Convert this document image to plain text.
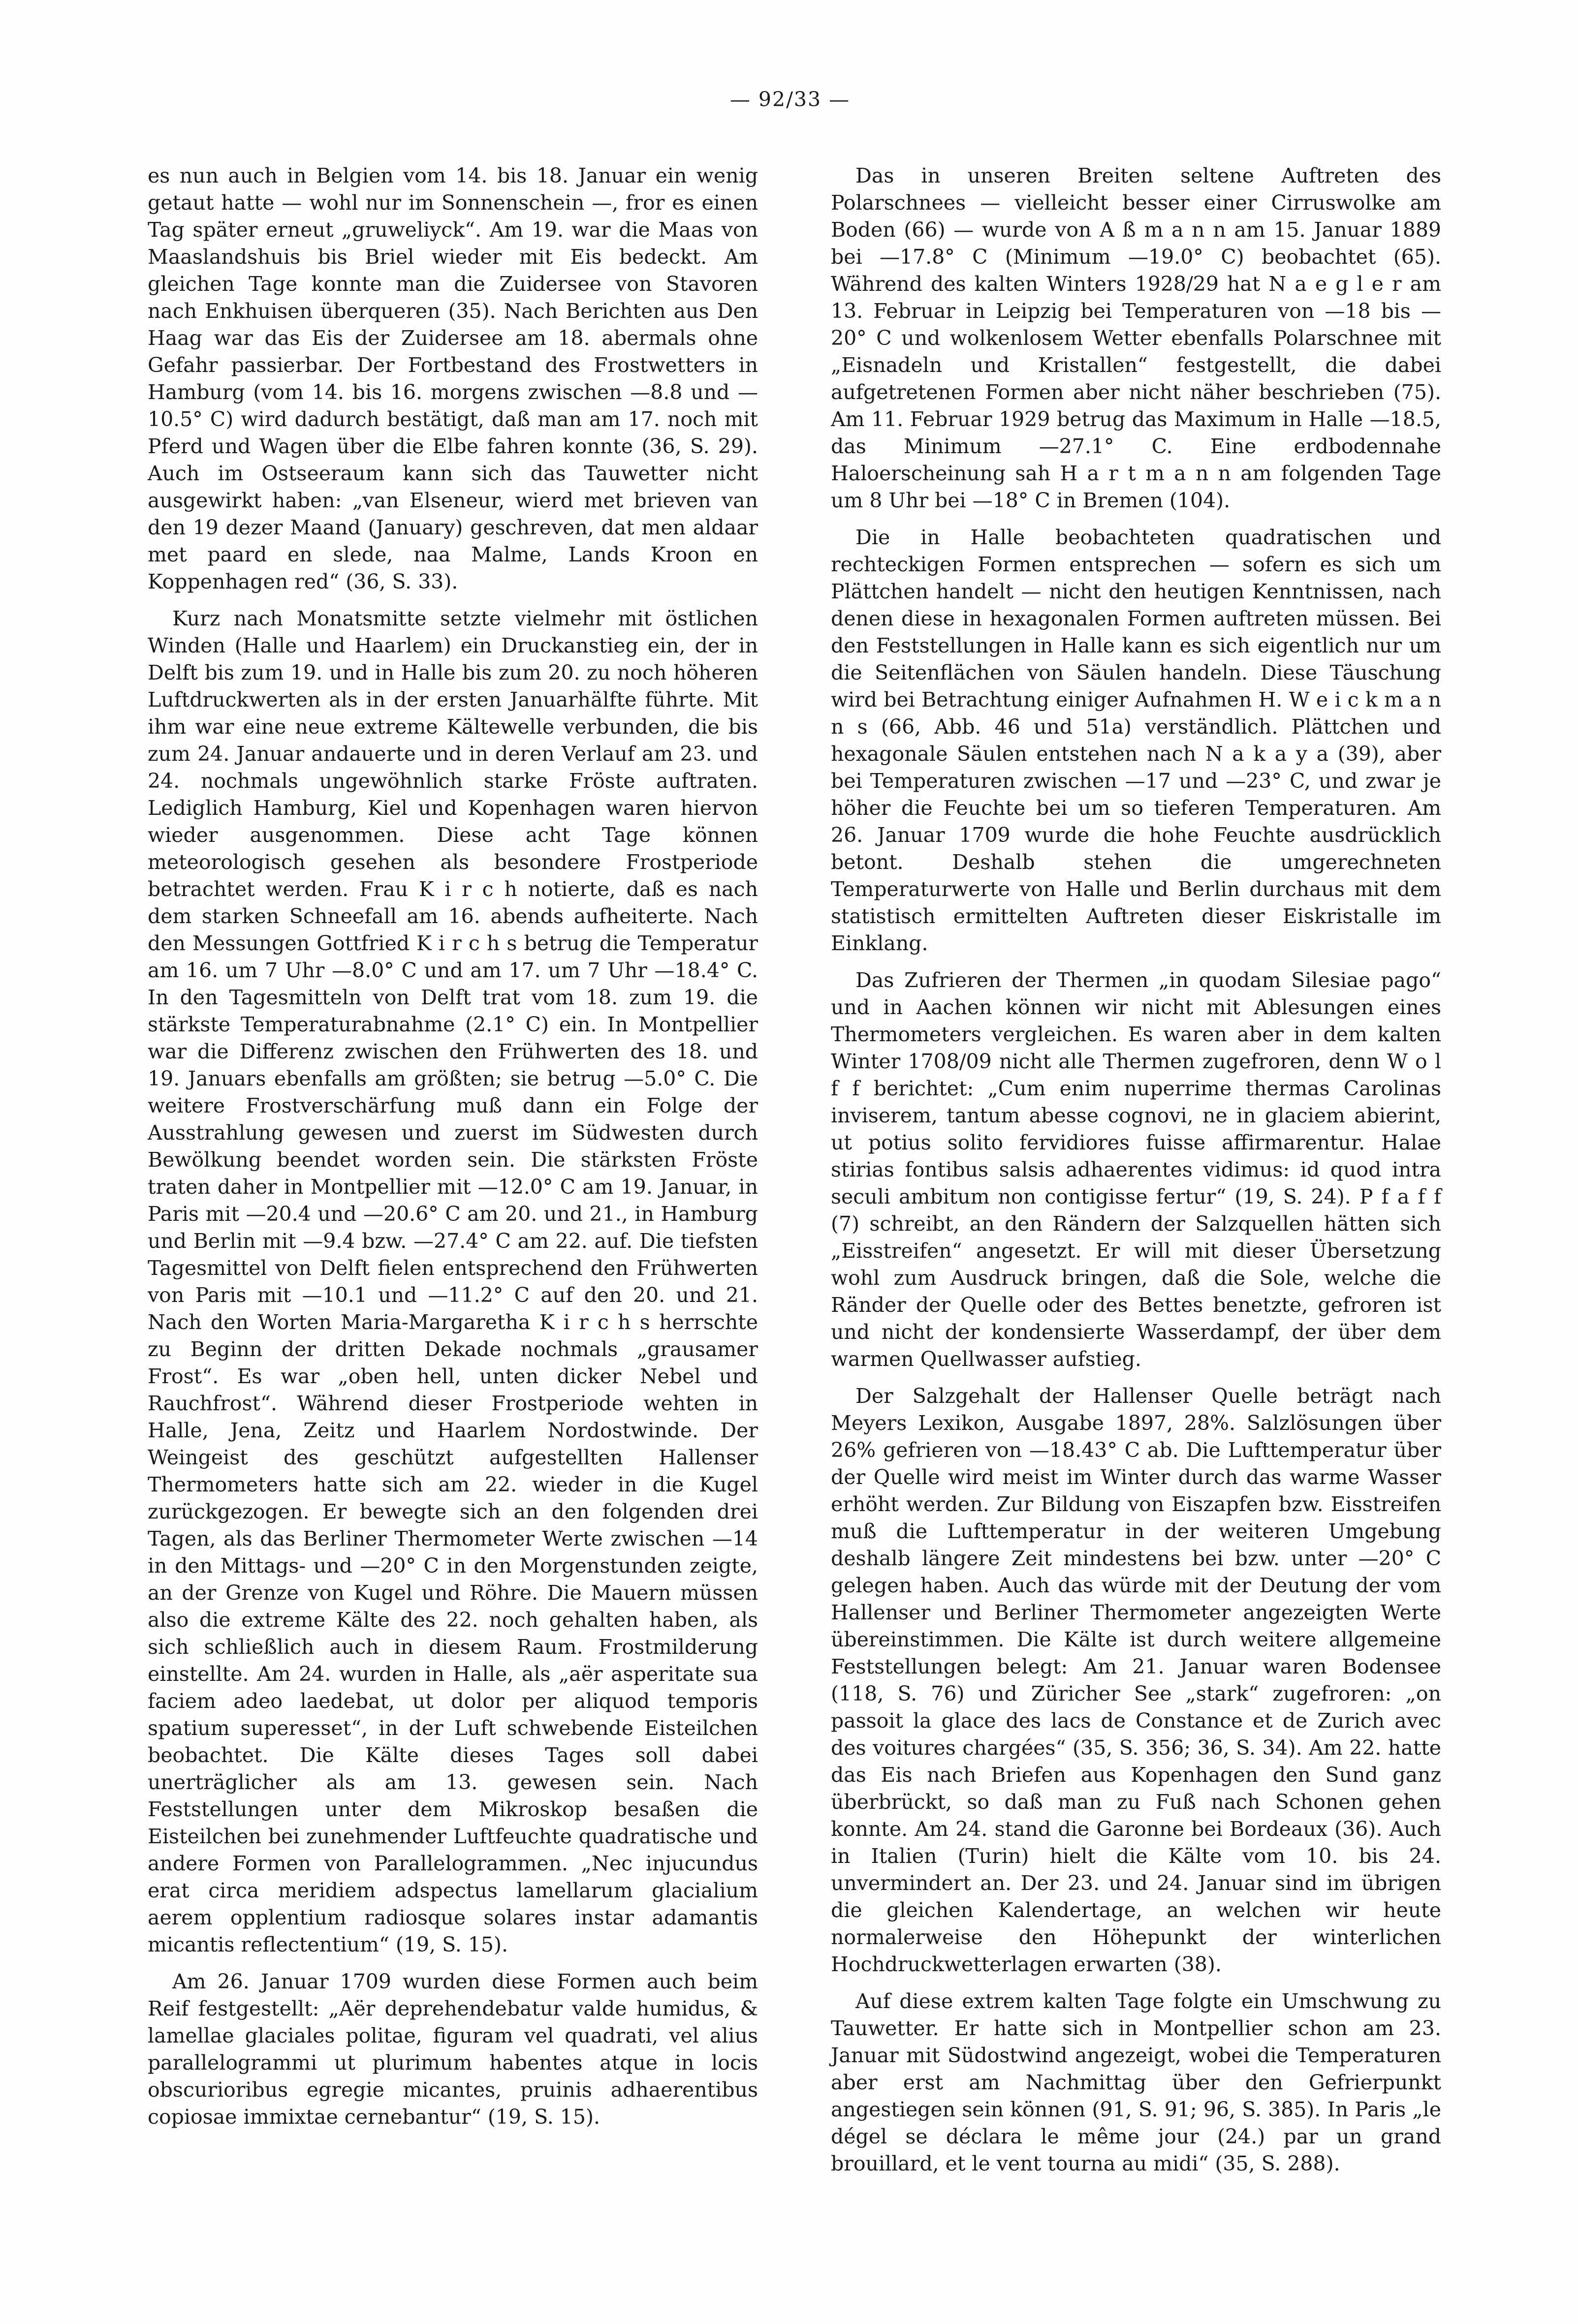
— 92/33 —

es nun auch in Belgien vom 14. bis 18. Januar ein wenig getaut hatte — wohl nur im Sonnenschein —, fror es einen Tag später erneut „gruweliyck“. Am 19. war die Maas von Maaslandshuis bis Briel wieder mit Eis bedeckt. Am gleichen Tage konnte man die Zuidersee von Stavoren nach Enkhuisen überqueren (35). Nach Berichten aus Den Haag war das Eis der Zuidersee am 18. abermals ohne Gefahr passierbar. Der Fortbestand des Frostwetters in Hamburg (vom 14. bis 16. morgens zwischen —8.8 und —10.5° C) wird dadurch bestätigt, daß man am 17. noch mit Pferd und Wagen über die Elbe fahren konnte (36, S. 29). Auch im Ostseeraum kann sich das Tauwetter nicht ausgewirkt haben: „van Elseneur, wierd met brieven van den 19 dezer Maand (January) geschreven, dat men aldaar met paard en slede, naa Malme, Lands Kroon en Koppenhagen red“ (36, S. 33).

Kurz nach Monatsmitte setzte vielmehr mit östlichen Winden (Halle und Haarlem) ein Druckanstieg ein, der in Delft bis zum 19. und in Halle bis zum 20. zu noch höheren Luftdruckwerten als in der ersten Januarhälfte führte. Mit ihm war eine neue extreme Kältewelle verbunden, die bis zum 24. Januar andauerte und in deren Verlauf am 23. und 24. nochmals ungewöhnlich starke Fröste auftraten. Lediglich Hamburg, Kiel und Kopenhagen waren hiervon wieder ausgenommen. Diese acht Tage können meteorologisch gesehen als besondere Frostperiode betrachtet werden. Frau K i r c h notierte, daß es nach dem starken Schneefall am 16. abends aufheiterte. Nach den Messungen Gottfried K i r c h s betrug die Temperatur am 16. um 7 Uhr —8.0° C und am 17. um 7 Uhr —18.4° C. In den Tagesmitteln von Delft trat vom 18. zum 19. die stärkste Temperaturabnahme (2.1° C) ein. In Montpellier war die Differenz zwischen den Frühwerten des 18. und 19. Januars ebenfalls am größten; sie betrug —5.0° C. Die weitere Frostverschärfung muß dann ein Folge der Ausstrahlung gewesen und zuerst im Südwesten durch Bewölkung beendet worden sein. Die stärksten Fröste traten daher in Montpellier mit —12.0° C am 19. Januar, in Paris mit —20.4 und —20.6° C am 20. und 21., in Hamburg und Berlin mit —9.4 bzw. —27.4° C am 22. auf. Die tiefsten Tagesmittel von Delft fielen entsprechend den Frühwerten von Paris mit —10.1 und —11.2° C auf den 20. und 21. Nach den Worten Maria-Margaretha K i r c h s herrschte zu Beginn der dritten Dekade nochmals „grausamer Frost“. Es war „oben hell, unten dicker Nebel und Rauchfrost“. Während dieser Frostperiode wehten in Halle, Jena, Zeitz und Haarlem Nordostwinde. Der Weingeist des geschützt aufgestellten Hallenser Thermometers hatte sich am 22. wieder in die Kugel zurückgezogen. Er bewegte sich an den folgenden drei Tagen, als das Berliner Thermometer Werte zwischen —14 in den Mittags- und —20° C in den Morgenstunden zeigte, an der Grenze von Kugel und Röhre. Die Mauern müssen also die extreme Kälte des 22. noch gehalten haben, als sich schließlich auch in diesem Raum. Frostmilderung einstellte. Am 24. wurden in Halle, als „aër asperitate sua faciem adeo laedebat, ut dolor per aliquod temporis spatium superesset“, in der Luft schwebende Eisteilchen beobachtet. Die Kälte dieses Tages soll dabei unerträglicher als am 13. gewesen sein. Nach Feststellungen unter dem Mikroskop besaßen die Eisteilchen bei zunehmender Luftfeuchte quadratische und andere Formen von Parallelogrammen. „Nec injucundus erat circa meridiem adspectus lamellarum glacialium aerem opplentium radiosque solares instar adamantis micantis reflectentium“ (19, S. 15).

Am 26. Januar 1709 wurden diese Formen auch beim Reif festgestellt: „Aër deprehendebatur valde humidus, & lamellae glaciales politae, figuram vel quadrati, vel alius parallelogrammi ut plurimum habentes atque in locis obscurioribus egregie micantes, pruinis adhaerentibus copiosae immixtae cernebantur“ (19, S. 15).

Das in unseren Breiten seltene Auftreten des Polarschnees — vielleicht besser einer Cirruswolke am Boden (66) — wurde von A ß m a n n am 15. Januar 1889 bei —17.8° C (Minimum —19.0° C) beobachtet (65). Während des kalten Winters 1928/29 hat N a e g l e r am 13. Februar in Leipzig bei Temperaturen von —18 bis —20° C und wolkenlosem Wetter ebenfalls Polarschnee mit „Eisnadeln und Kristallen“ festgestellt, die dabei aufgetretenen Formen aber nicht näher beschrieben (75). Am 11. Februar 1929 betrug das Maximum in Halle —18.5, das Minimum —27.1° C. Eine erdbodennahe Haloerscheinung sah H a r t m a n n am folgenden Tage um 8 Uhr bei —18° C in Bremen (104).

Die in Halle beobachteten quadratischen und rechteckigen Formen entsprechen — sofern es sich um Plättchen handelt — nicht den heutigen Kenntnissen, nach denen diese in hexagonalen Formen auftreten müssen. Bei den Feststellungen in Halle kann es sich eigentlich nur um die Seitenflächen von Säulen handeln. Diese Täuschung wird bei Betrachtung einiger Aufnahmen H. W e i c k m a n n s (66, Abb. 46 und 51a) verständlich. Plättchen und hexagonale Säulen entstehen nach N a k a y a (39), aber bei Temperaturen zwischen —17 und —23° C, und zwar je höher die Feuchte bei um so tieferen Temperaturen. Am 26. Januar 1709 wurde die hohe Feuchte ausdrücklich betont. Deshalb stehen die umgerechneten Temperaturwerte von Halle und Berlin durchaus mit dem statistisch ermittelten Auftreten dieser Eiskristalle im Einklang.

Das Zufrieren der Thermen „in quodam Silesiae pago“ und in Aachen können wir nicht mit Ablesungen eines Thermometers vergleichen. Es waren aber in dem kalten Winter 1708/09 nicht alle Thermen zugefroren, denn W o l f f berichtet: „Cum enim nuperrime thermas Carolinas inviserem, tantum abesse cognovi, ne in glaciem abierint, ut potius solito fervidiores fuisse affirmarentur. Halae stirias fontibus salsis adhaerentes vidimus: id quod intra seculi ambitum non contigisse fertur“ (19, S. 24). P f a f f (7) schreibt, an den Rändern der Salzquellen hätten sich „Eisstreifen“ angesetzt. Er will mit dieser Übersetzung wohl zum Ausdruck bringen, daß die Sole, welche die Ränder der Quelle oder des Bettes benetzte, gefroren ist und nicht der kondensierte Wasserdampf, der über dem warmen Quellwasser aufstieg.

Der Salzgehalt der Hallenser Quelle beträgt nach Meyers Lexikon, Ausgabe 1897, 28%. Salzlösungen über 26% gefrieren von —18.43° C ab. Die Lufttemperatur über der Quelle wird meist im Winter durch das warme Wasser erhöht werden. Zur Bildung von Eiszapfen bzw. Eisstreifen muß die Lufttemperatur in der weiteren Umgebung deshalb längere Zeit mindestens bei bzw. unter —20° C gelegen haben. Auch das würde mit der Deutung der vom Hallenser und Berliner Thermometer angezeigten Werte übereinstimmen. Die Kälte ist durch weitere allgemeine Feststellungen belegt: Am 21. Januar waren Bodensee (118, S. 76) und Züricher See „stark“ zugefroren: „on passoit la glace des lacs de Constance et de Zurich avec des voitures chargées“ (35, S. 356; 36, S. 34). Am 22. hatte das Eis nach Briefen aus Kopenhagen den Sund ganz überbrückt, so daß man zu Fuß nach Schonen gehen konnte. Am 24. stand die Garonne bei Bordeaux (36). Auch in Italien (Turin) hielt die Kälte vom 10. bis 24. unvermindert an. Der 23. und 24. Januar sind im übrigen die gleichen Kalendertage, an welchen wir heute normalerweise den Höhepunkt der winterlichen Hochdruckwetterlagen erwarten (38).

Auf diese extrem kalten Tage folgte ein Umschwung zu Tauwetter. Er hatte sich in Montpellier schon am 23. Januar mit Südostwind angezeigt, wobei die Temperaturen aber erst am Nachmittag über den Gefrierpunkt angestiegen sein können (91, S. 91; 96, S. 385). In Paris „le dégel se déclara le même jour (24.) par un grand brouillard, et le vent tourna au midi“ (35, S. 288).
